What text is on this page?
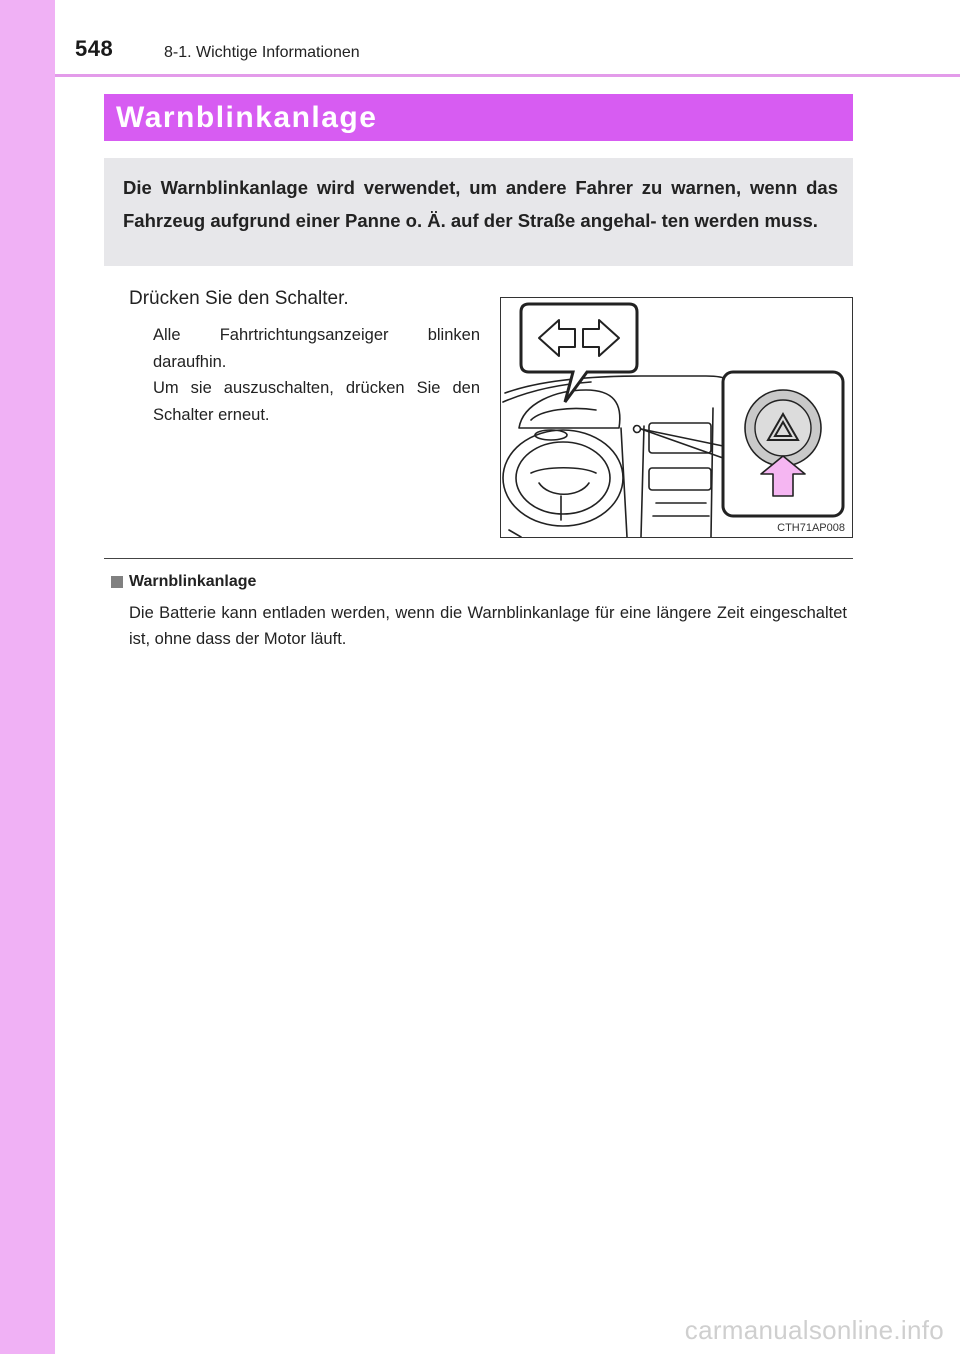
548	8-1. Wichtige Informationen
Warnblinkanlage

Die Warnblinkanlage wird verwendet, um andere Fahrer zu warnen, wenn das Fahrzeug aufgrund einer Panne o. Ä. auf der Straße angehal- ten werden muss.

Drücken Sie den Schalter.

Alle Fahrtrichtungsanzeiger blinken daraufhin.

Um sie auszuschalten, drücken Sie den Schalter erneut.

CTH71AP008
Warnblinkanlage

Die Batterie kann entladen werden, wenn die Warnblinkanlage für eine längere Zeit eingeschaltet ist, ohne dass der Motor läuft.

carmanualsonline.info
